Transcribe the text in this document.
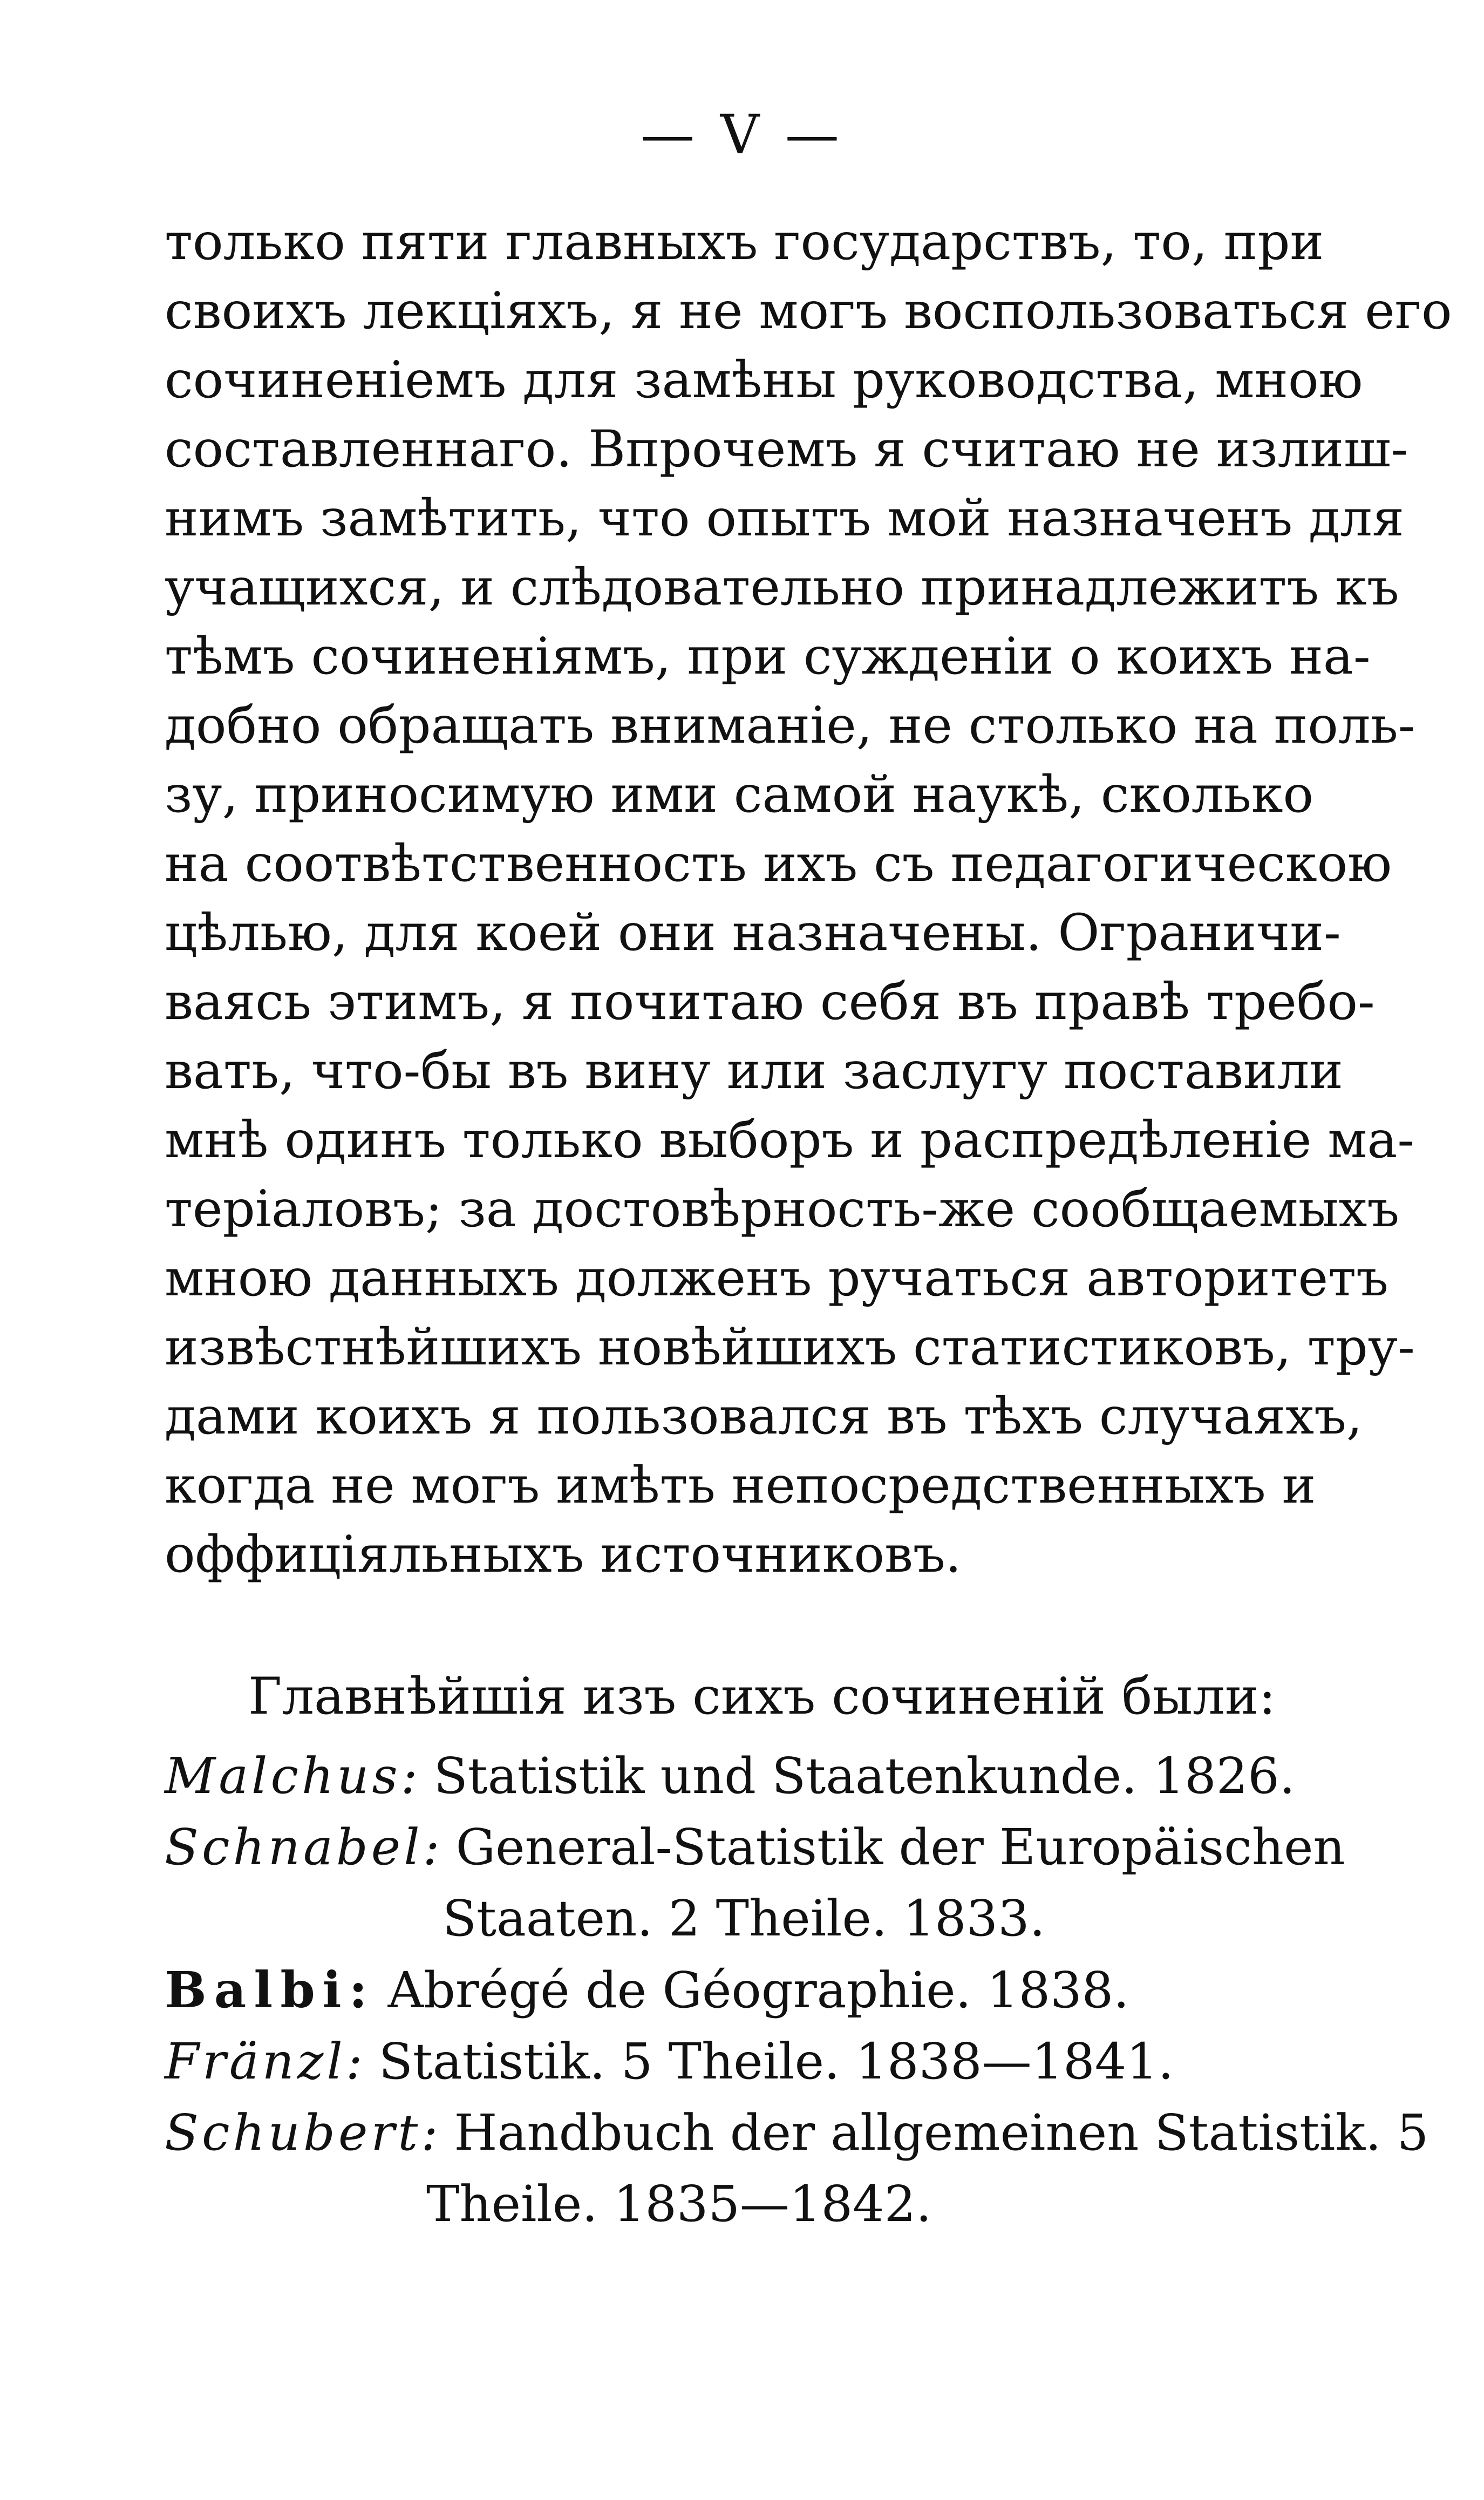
— V —
только пяти главныхъ государствъ, то, при
своихъ лекціяхъ, я не могъ воспользоваться его
сочиненіемъ для замѣны руководства, мною
составленнаго. Впрочемъ я считаю не излиш-
нимъ замѣтить, что опытъ мой назначенъ для
учащихся, и слѣдовательно принадлежитъ къ
тѣмъ сочиненіямъ, при сужденіи о коихъ на-
добно обращать вниманіе, не столько на поль-
зу, приносимую ими самой наукѣ, сколько
на соотвѣтственность ихъ съ педагогическою
цѣлью, для коей они назначены. Ограничи-
ваясь этимъ, я почитаю себя въ правѣ требо-
вать, что-бы въ вину или заслугу поставили
мнѣ одинъ только выборъ и распредѣленіе ма-
теріаловъ; за достовѣрность-же сообщаемыхъ
мною данныхъ долженъ ручаться авторитетъ
извѣстнѣйшихъ новѣйшихъ статистиковъ, тру-
дами коихъ я пользовался въ тѣхъ случаяхъ,
когда не могъ имѣть непосредственныхъ и
оффиціяльныхъ источниковъ.
Главнѣйшія изъ сихъ сочиненій были:
Malchus: Statistik und Staatenkunde. 1826.
Schnabel: General-Statistik der Europäischen
Staaten. 2 Theile. 1833.
Balbi: Abrégé de Géographie. 1838.
Fränzl: Statistik. 5 Theile. 1838—1841.
Schubert: Handbuch der allgemeinen Statistik. 5
Theile. 1835—1842.
